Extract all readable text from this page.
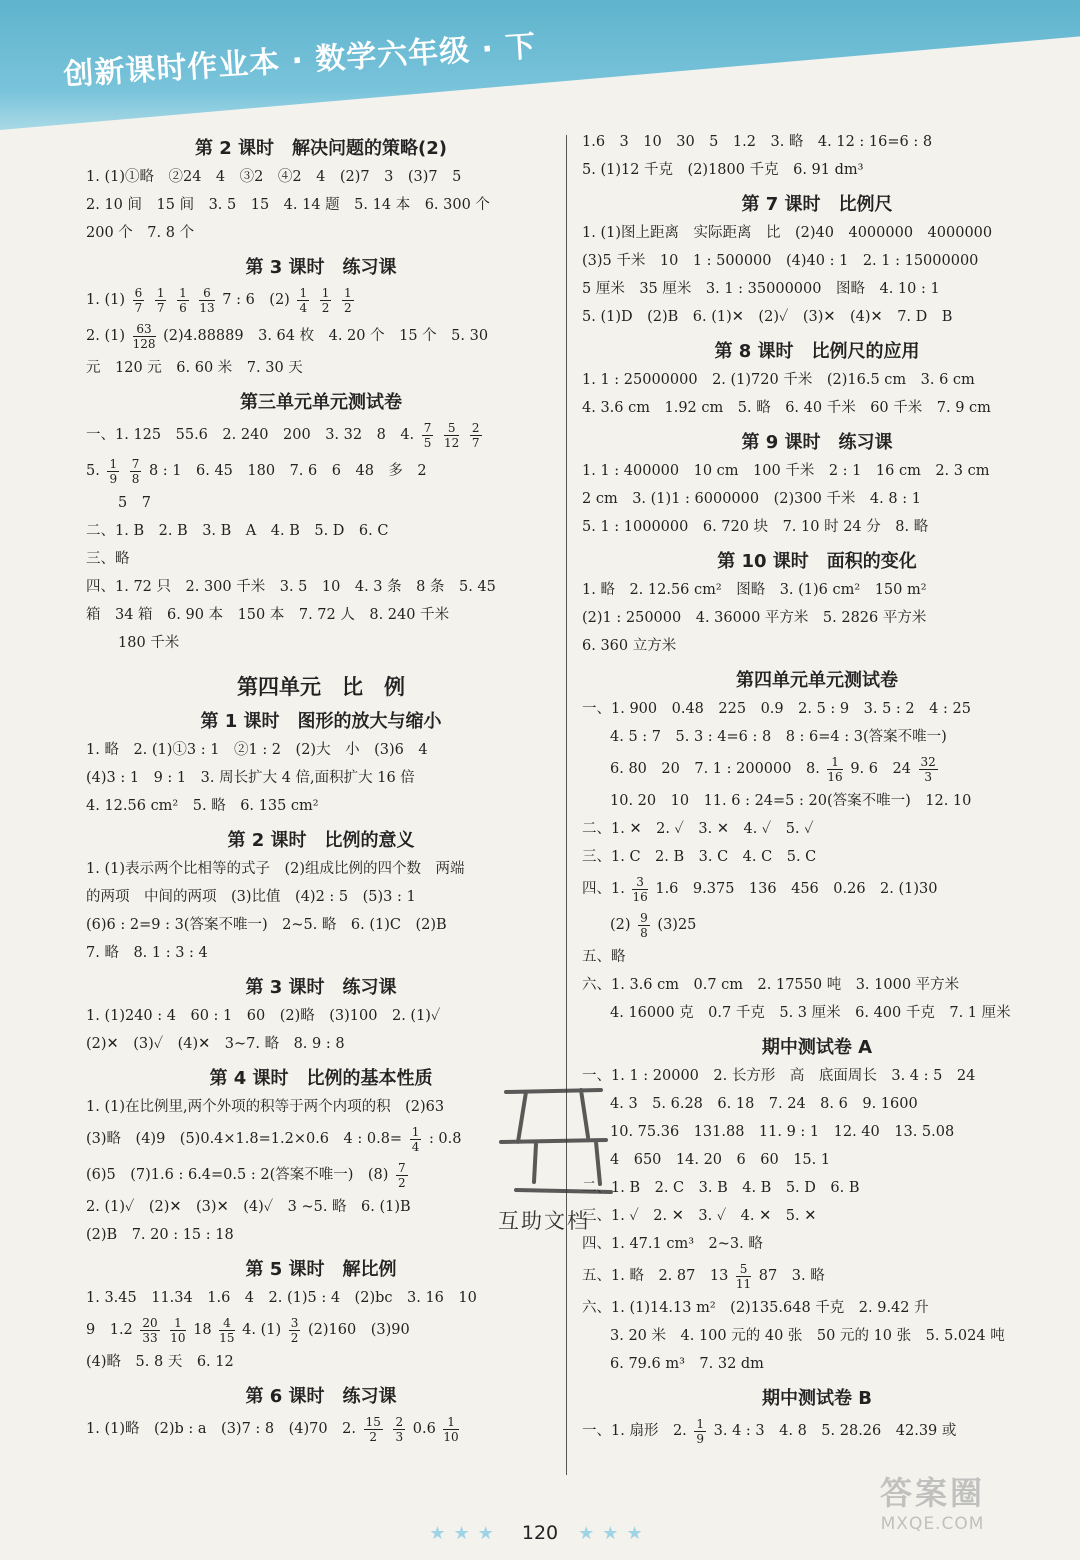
创新课时作业本 · 数学六年级 · 下
第 2 课时　解决问题的策略(2)
1. (1)①略　②24　4　③2　④2　4　(2)7　3　(3)7　5
2. 10 间　15 间　3. 5　15　4. 14 题　5. 14 本　6. 300 个
200 个　7. 8 个
第 3 课时　练习课
1. $(1) \frac{6}{7}$
$\frac{1}{7}$
$\frac{1}{6}$
$\frac{6}{13} 7$ : 6　$(2) \frac{1}{4}$
$\frac{1}{2}$
$\frac{1}{2}$
2. $(1) \frac{63}{128} (2)4.88889$　3. 64 枚　4. 20 个　15 个　5. 30
元　120 元　6. 60 米　7. 30 天
第三单元单元测试卷
一、1. 125　55.6　2. 240　200　3. 32　8　4. $\frac{7}{5}$
$\frac{5}{12}$
$\frac{2}{7}$
5. $\frac{1}{9}$
$\frac{7}{8} 8$ : 1　6. 45　180　7. 6　6　48　多　2
5　7
二、1. B　2. B　3. B　A　4. B　5. D　6. C
三、略
四、1. 72 只　2. 300 千米　3. 5　10　4. 3 条　8 条　5. 45
箱　34 箱　6. 90 本　150 本　7. 72 人　8. 240 千米
180 千米
第四单元　比　例
第 1 课时　图形的放大与缩小
1. 略　2. (1)①3 : 1　②1 : 2　(2)大　小　(3)6　4
(4)3 : 1　9 : 1　3. 周长扩大 4 倍,面积扩大 16 倍
4. 12.56 cm²　5. 略　6. 135 cm²
第 2 课时　比例的意义
1. (1)表示两个比相等的式子　(2)组成比例的四个数　两端
的两项　中间的两项　(3)比值　(4)2 : 5　(5)3 : 1
(6)6 : 2=9 : 3(答案不唯一)　2~5. 略　6. (1)C　(2)B
7. 略　8. 1 : 3 : 4
第 3 课时　练习课
1. (1)240 : 4　60 : 1　60　(2)略　(3)100　2. (1)✓
(2)✕　(3)✓　(4)✕　3~7. 略　8. 9 : 8
第 4 课时　比例的基本性质
1. (1)在比例里,两个外项的积等于两个内项的积　(2)63
(3)略　(4)9　(5)0.4×1.8=1.2×0.6　4 : $0.8= \frac{1}{4}$ : 0.8
(6)5　(7)1.6 : 6.4=0.5 : 2(答案不唯一)　$(8) \frac{7}{2}$
2. (1)✓　(2)✕　(3)✕　(4)✓　3 ~5. 略　6. (1)B
(2)B　7. 20 : 15 : 18
第 5 课时　解比例
1. 3.45　11.34　1.6　4　2. (1)5 : 4　(2)bc　3. 16　10
9　$1.2 \frac{20}{33}$
$\frac{1}{10} 18 \frac{4}{15} 4$. $(1) \frac{3}{2} (2)160$　(3)90
(4)略　5. 8 天　6. 12
第 6 课时　练习课
1. (1)略　(2)b : a　(3)7 : 8　(4)70　2. $\frac{15}{2}$
$\frac{2}{3} 0.6 \frac{1}{10}$
1.6　3　10　30　5　1.2　3. 略　4. 12 : 16=6 : 8
5. (1)12 千克　(2)1800 千克　6. 91 dm³
第 7 课时　比例尺
1. (1)图上距离　实际距离　比　(2)40　4000000　4000000
(3)5 千米　10　1 : 500000　(4)40 : 1　2. 1 : 15000000
5 厘米　35 厘米　3. 1 : 35000000　图略　4. 10 : 1
5. (1)D　(2)B　6. (1)✕　(2)✓　(3)✕　(4)✕　7. D　B
第 8 课时　比例尺的应用
1. 1 : 25000000　2. (1)720 千米　(2)16.5 cm　3. 6 cm
4. 3.6 cm　1.92 cm　5. 略　6. 40 千米　60 千米　7. 9 cm
第 9 课时　练习课
1. 1 : 400000　10 cm　100 千米　2 : 1　16 cm　2. 3 cm
2 cm　3. (1)1 : 6000000　(2)300 千米　4. 8 : 1
5. 1 : 1000000　6. 720 块　7. 10 时 24 分　8. 略
第 10 课时　面积的变化
1. 略　2. 12.56 cm²　图略　3. (1)6 cm²　150 m²
(2)1 : 250000　4. 36000 平方米　5. 2826 平方米
6. 360 立方米
第四单元单元测试卷
一、1. 900　0.48　225　0.9　2. 5 : 9　3. 5 : 2　4 : 25
4. 5 : 7　5. 3 : 4=6 : 8　8 : 6=4 : 3(答案不唯一)
6. 80　20　7. 1 : 200000　8. $\frac{1}{16} 9$. 6　$24 \frac{32}{3}$
10. 20　10　11. 6 : 24=5 : 20(答案不唯一)　12. 10
二、1. ✕　2. ✓　3. ✕　4. ✓　5. ✓
三、1. C　2. B　3. C　4. C　5. C
四、1. $\frac{3}{16} 1.6$　9.375　136　456　0.26　2. (1)30
$(2) \frac{9}{8} (3)25$
五、略
六、1. 3.6 cm　0.7 cm　2. 17550 吨　3. 1000 平方米
4. 16000 克　0.7 千克　5. 3 厘米　6. 400 千克　7. 1 厘米
期中测试卷 A
一、1. 1 : 20000　2. 长方形　高　底面周长　3. 4 : 5　24
4. 3　5. 6.28　6. 18　7. 24　8. 6　9. 1600
10. 75.36　131.88　11. 9 : 1　12. 40　13. 5.08
4　650　14. 20　6　60　15. 1
二、1. B　2. C　3. B　4. B　5. D　6. B
三、1. ✓　2. ✕　3. ✓　4. ✕　5. ✕
四、1. 47.1 cm³　2~3. 略
五、1. 略　2. 87　$13 \frac{5}{11} 87$　3. 略
六、1. (1)14.13 m²　(2)135.648 千克　2. 9.42 升
3. 20 米　4. 100 元的 40 张　50 元的 10 张　5. 5.024 吨
6. 79.6 m³　7. 32 dm
期中测试卷 B
一、1. 扇形　2. $\frac{1}{9} 3$. 4 : 3　4. 8　5. 28.26　42.39 或
互助文档
★★★ 120 ★★★
答案圈
MXQE.COM
